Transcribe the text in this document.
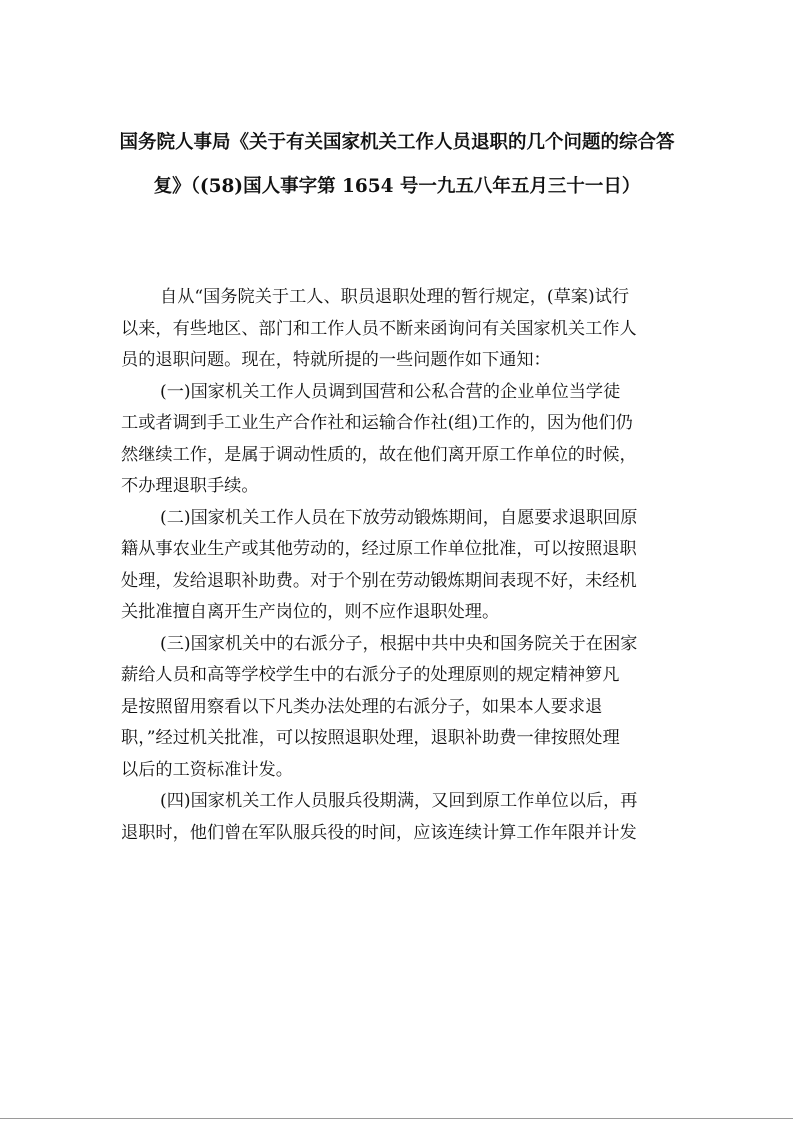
国务院人事局《关于有关国家机关工作人员退职的几个问题的综合答
复》（(58)国人事字第 1654 号一九五八年五月三十一日）
自从“国务院关于工人、职员退职处理的暂行规定，(草案)试行
以来，有些地区、部门和工作人员不断来函询问有关国家机关工作人
员的退职问题。现在，特就所提的一些问题作如下通知：
(一)国家机关工作人员调到国营和公私合营的企业单位当学徒
工或者调到手工业生产合作社和运输合作社(组)工作的，因为他们仍
然继续工作，是属于调动性质的，故在他们离开原工作单位的时候，
不办理退职手续。
(二)国家机关工作人员在下放劳动锻炼期间，自愿要求退职回原
籍从事农业生产或其他劳动的，经过原工作单位批准，可以按照退职
处理，发给退职补助费。对于个别在劳动锻炼期间表现不好，未经机
关批准擅自离开生产岗位的，则不应作退职处理。
(三)国家机关中的右派分子，根据中共中央和国务院关于在困家
薪给人员和高等学校学生中的右派分子的处理原则的规定精神箩凡
是按照留用察看以下凡类办法处理的右派分子，如果本人要求退
职，”经过机关批准，可以按照退职处理，退职补助费一律按照处理
以后的工资标准计发。
(四)国家机关工作人员服兵役期满，又回到原工作单位以后，再
退职时，他们曾在军队服兵役的时间，应该连续计算工作年限并计发
